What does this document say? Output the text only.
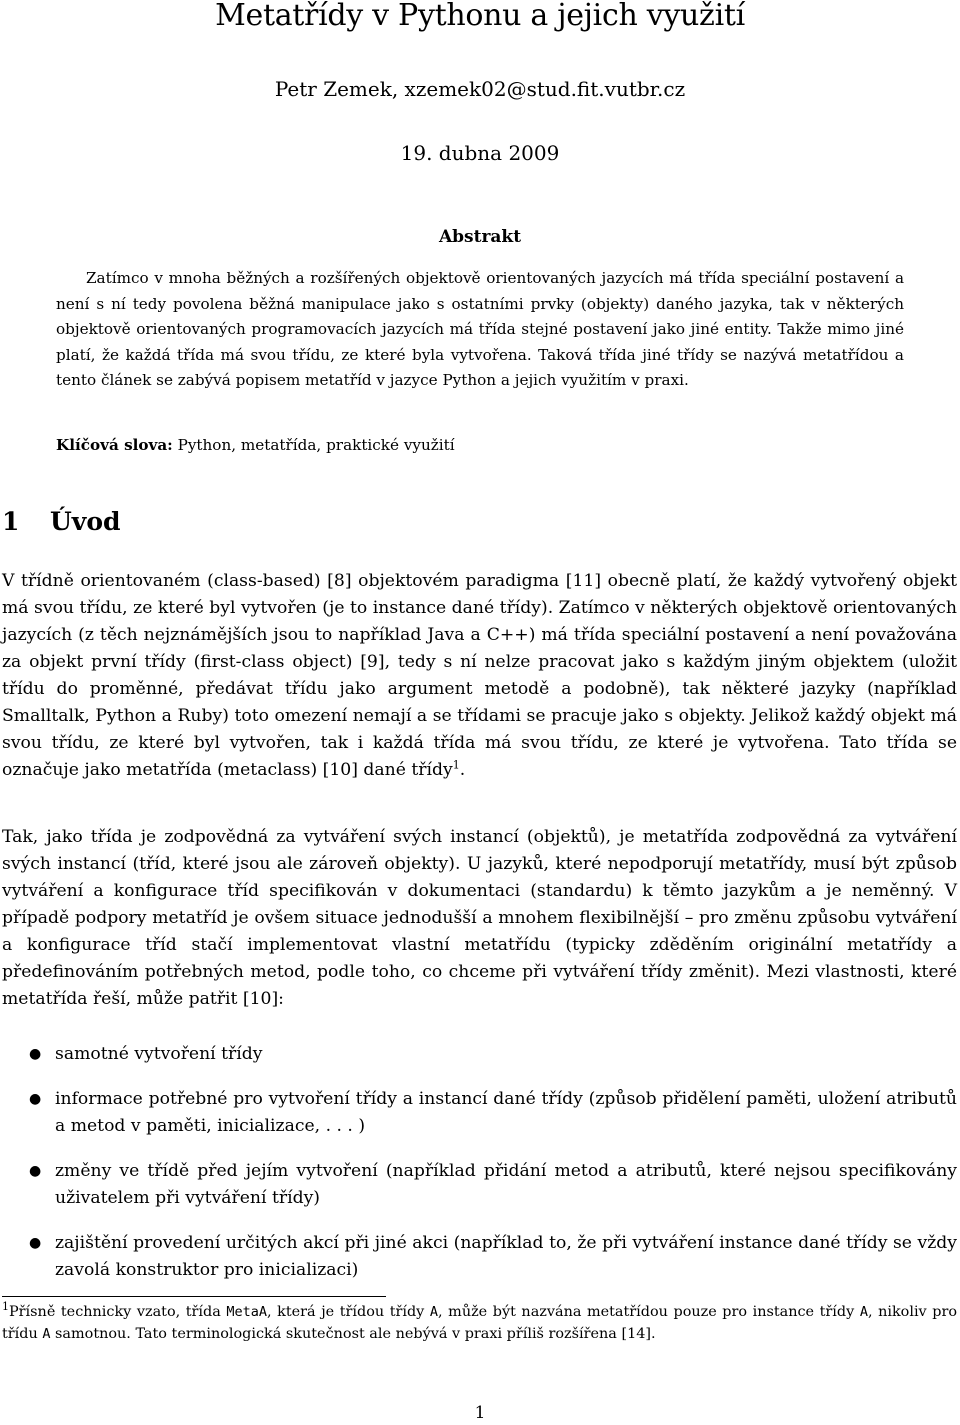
Metatřídy v Pythonu a jejich využití
Petr Zemek, xzemek02@stud.fit.vutbr.cz
19. dubna 2009
Abstrakt

Zatímco v mnoha běžných a rozšířených objektově orientovaných jazycích má třída speciální postavení a není s ní tedy povolena běžná manipulace jako s ostatními prvky (objekty) daného jazyka, tak v některých objektově orientovaných programovacích jazycích má třída stejné postavení jako jiné entity. Takže mimo jiné platí, že každá třída má svou třídu, ze které byla vytvořena. Taková třída jiné třídy se nazývá metatřídou a tento článek se zabývá popisem metatříd v jazyce Python a jejich využitím v praxi.

Klíčová slova: Python, metatřída, praktické využití

1 Úvod

V třídně orientovaném (class-based) [8] objektovém paradigma [11] obecně platí, že každý vytvořený objekt má svou třídu, ze které byl vytvořen (je to instance dané třídy). Zatímco v některých objektově orientovaných jazycích (z těch nejznámějších jsou to například Java a C++) má třída speciální postavení a není považována za objekt první třídy (first-class object) [9], tedy s ní nelze pracovat jako s každým jiným objektem (uložit třídu do proměnné, předávat třídu jako argument metodě a podobně), tak některé jazyky (například Smalltalk, Python a Ruby) toto omezení nemají a se třídami se pracuje jako s objekty. Jelikož každý objekt má svou třídu, ze které byl vytvořen, tak i každá třída má svou třídu, ze které je vytvořena. Tato třída se označuje jako metatřída (metaclass) [10] dané třídy$^1$.

Tak, jako třída je zodpovědná za vytváření svých instancí (objektů), je metatřída zodpovědná za vytváření svých instancí (tříd, které jsou ale zároveň objekty). U jazyků, které nepodporují metatřídy, musí být způsob vytváření a konfigurace tříd specifikován v dokumentaci (standardu) k těmto jazykům a je neměnný. V případě podpory metatříd je ovšem situace jednodušší a mnohem flexibilnější – pro změnu způsobu vytváření a konfigurace tříd stačí implementovat vlastní metatřídu (typicky zděděním originální metatřídy a předefinováním potřebných metod, podle toho, co chceme při vytváření třídy změnit). Mezi vlastnosti, které metatřída řeší, může patřit [10]:

● samotné vytvoření třídy
● informace potřebné pro vytvoření třídy a instancí dané třídy (způsob přidělení paměti, uložení atributů a metod v paměti, inicializace, . . . )
● změny ve třídě před jejím vytvoření (například přidání metod a atributů, které nejsou specifikovány uživatelem při vytváření třídy)
● zajištění provedení určitých akcí při jiné akci (například to, že při vytváření instance dané třídy se vždy zavolá konstruktor pro inicializaci)

$^1$Přísně technicky vzato, třída MetaA, která je třídou třídy A, může být nazvána metatřídou pouze pro instance třídy A, nikoliv pro třídu A samotnou. Tato terminologická skutečnost ale nebývá v praxi příliš rozšířena [14].

1
